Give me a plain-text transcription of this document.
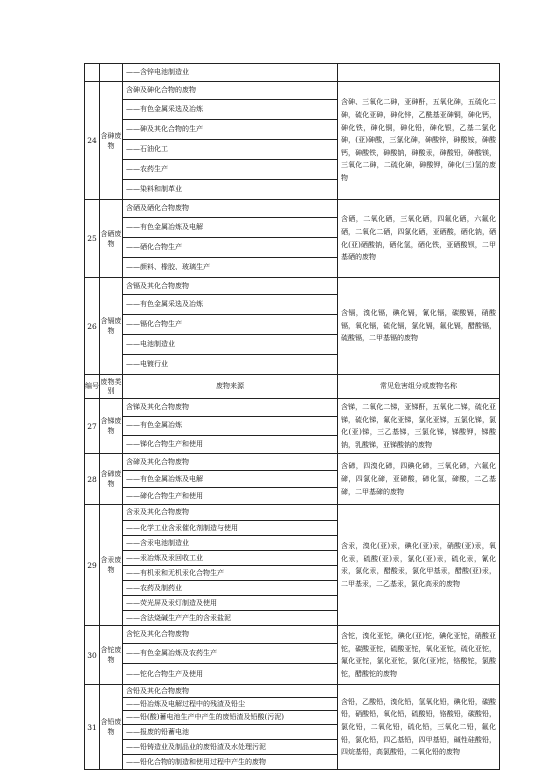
		——含锌电池制造业	
24	含砷废物	含砷及砷化合物的废物	含砷、三氧化二砷，亚砷酐，五氧化砷，五硫化二砷，硫化亚砷，砷化锌，乙酰基亚砷铜，砷化钙，砷化铁，砷化铜，砷化铅，砷化银，乙基二氯化砷，(亚)砷酸，三氯化砷，砷酸锌，砷酸铵，砷酸钙，砷酸铁，砷酸钠，砷酸汞，砷酸铅，砷酸镁，三氧化二砷，二硫化砷，砷酸钾，砷化(三)氢的废物
		——有色金属采选及冶炼	
		——砷及其化合物的生产	
		——石油化工	
		——农药生产	
		——染料和制革业	
25	含硒废物	含硒及硒化合物废物	含硒，二氧化硒，三氧化硒，四氟化硒，六氟化硒，二氧化二硒，四氯化硒，亚硒酸，硒化钠，硒化(亚)硒酸钠，硒化氢，硒化铁，亚硒酸钡，二甲基硒的废物
		——有色金属冶炼及电解	
		——硒化合物生产	
		——颜料、橡胶、玻璃生产	
26	含镉废物	含镉及其化合物废物	含镉，溴化镉，碘化镉，氰化镉，碳酸镉，硝酸镉，氧化镉，硫化镉，氯化镉，氟化镉，醋酸镉，硫酸镉，二甲基镉的废物
		——有色金属采选及冶炼	
		——镉化合物生产	
		——电池制造业	
		——电镀行业	
编号	废物类别	废物来源	常见危害组分或废物名称
27	含锑废物	含锑及其化合物废物	含锑，二氧化二锑，亚锑酐，五氧化二锑，硫化亚锑，硫化锑，氟化亚锑，氯化亚锑，五氯化锑，氯化(亚)锑，三乙基锑，三氯化锑，锑酸钾，锑酸钠，乳酸锑，亚锑酸钠的废物
		——有色金属冶炼	
		——锑化合物生产和使用	
28	含碲废物	含碲及其化合物废物	含碲，四溴化碲，四碘化碲，三氧化碲，六氟化碲，四氯化碲，亚碲酸，碲化氢，碲酸，二乙基碲，二甲基碲的废物
		——有色金属冶炼及电解	
		——碲化合物生产和使用	
29	含汞废物	含汞及其化合物废物	含汞，溴化(亚)汞，碘化(亚)汞，硝酸(亚)汞，氧化汞，硫酸(亚)汞，氯化(亚)汞，硫化汞，氰化汞，氯化汞，醋酸汞，氯化甲基汞，醋酸(亚)汞，二甲基汞，二乙基汞，氯化高汞的废物
		——化学工业含汞催化剂制造与使用	
		——含汞电池制造业	
		——汞冶炼及汞回收工业	
		——有机汞和无机汞化合物生产	
		——农药及制药业	
		——荧光屏及汞灯制造及使用	
		——含法烧碱生产产生的含汞盐泥	
30	含铊废物	含铊及其化合物废物	含铊，溴化亚铊，碘化(亚)铊，碘化亚铊，硝酸亚铊，碳酸亚铊，硫酸亚铊，氧化亚铊，硫化亚铊，氟化亚铊，氯化亚铊，氯化(亚)铊，铬酸铊，氯酸铊，醋酸铊的废物
		——有色金属冶炼及农药生产	
		——铊化合物生产及使用	
31	含铅废物	含铅及其化合物废物	含铅，乙酸铅，溴化铅，氢氧化铅，碘化铅，碳酸铅，硝酸铅，氧化铅，硫酸铅，铬酸铅，碳酸铅，氯化铅，二氧化铅，硫化铅，三氧化二铅，氟化铅，氯化铅，四乙基铅，四甲基铅，碱性硅酸铅，四烷基铅，高氯酸铅，二氧化铅的废物
		——铅冶炼及电解过程中的残渣及铅尘	
		——铅(酸)蓄电池生产中产生的废铅渣及铅酸(污泥)	
		——报废的铅蓄电池	
		——铅铸造业及制品业的废铅渣及水处理污泥	
		——铅化合物的制造和使用过程中产生的废物	
